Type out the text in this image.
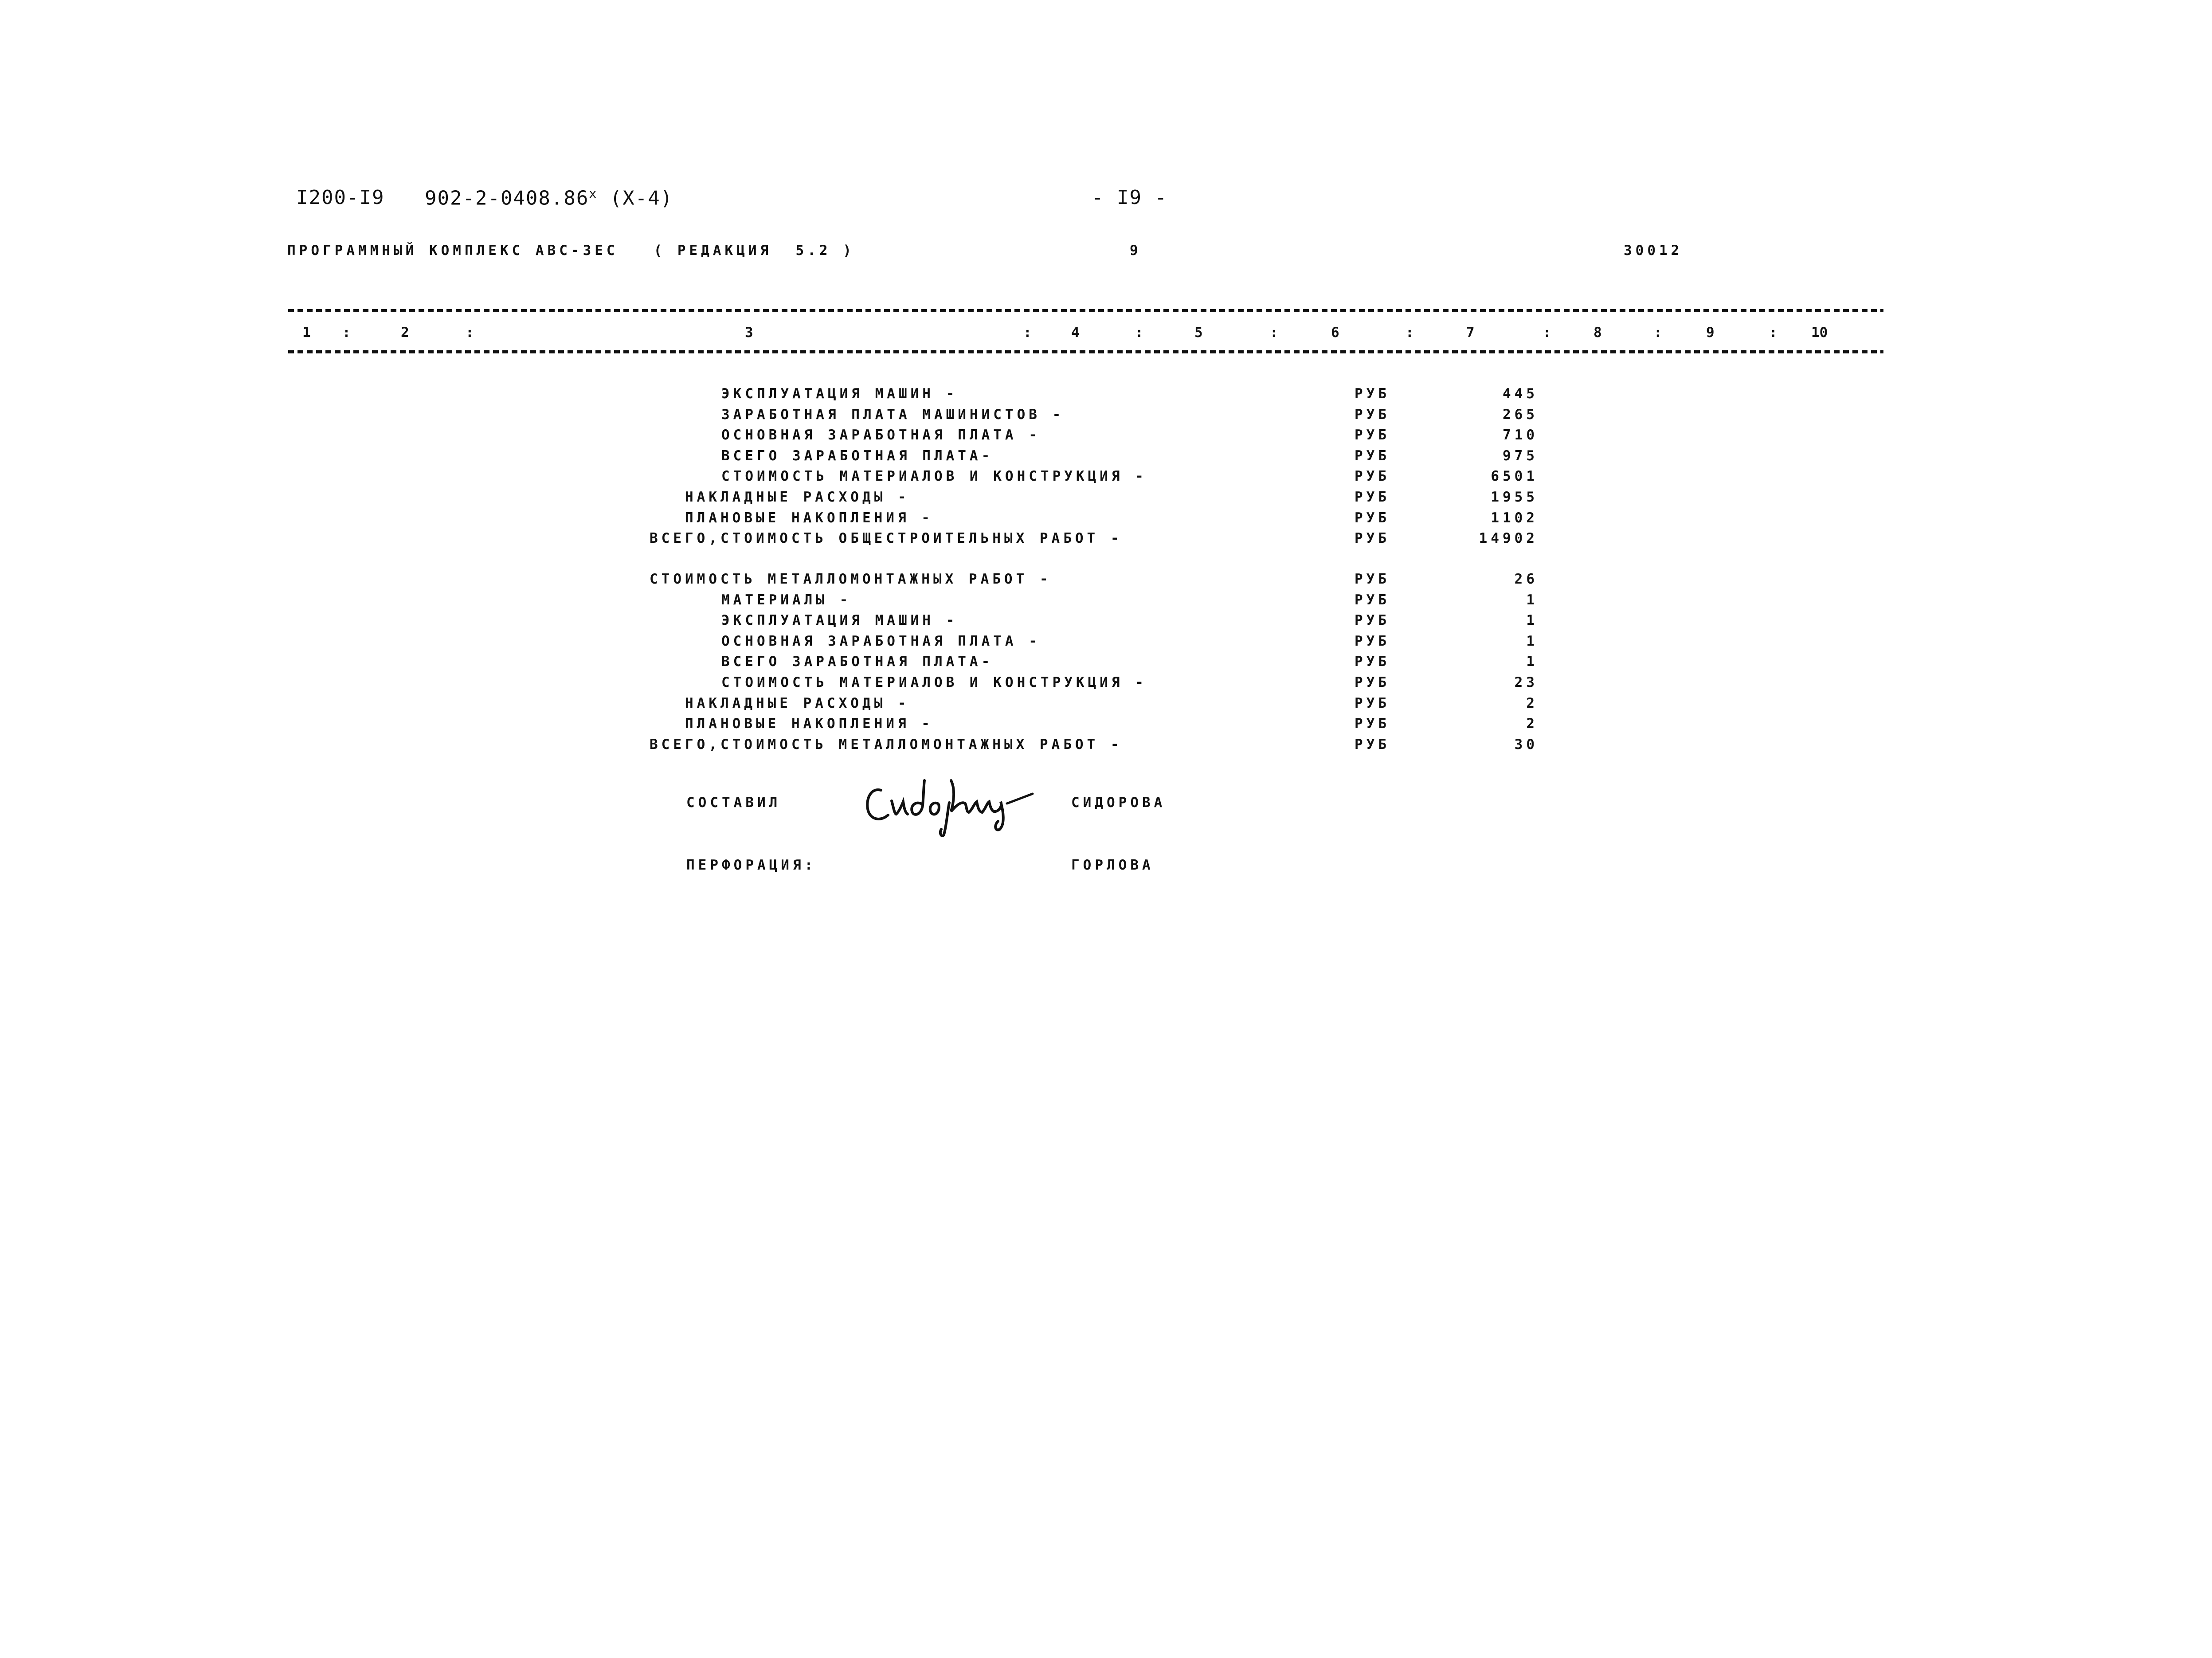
I200-I9 902-2-0408.86$^x$ (X-4)	- I9 -
ПРОГРАММНЫЙ КОМПЛЕКС АВС-ЗЕС   ( РЕДАКЦИЯ  5.2 )	9	30012
1 :	2	:	3	:	4	:	5	:	6	:	7	:	8	:	9	: 10
ЭКСПЛУАТАЦИЯ МАШИН -	РУБ	445
ЗАРАБОТНАЯ ПЛАТА МАШИНИСТОВ -	РУБ	265
ОСНОВНАЯ ЗАРАБОТНАЯ ПЛАТА -	РУБ	710
ВСЕГО ЗАРАБОТНАЯ ПЛАТА-	РУБ	975
СТОИМОСТЬ МАТЕРИАЛОВ И КОНСТРУКЦИЯ -	РУБ	6501
НАКЛАДНЫЕ РАСХОДЫ -	РУБ	1955
ПЛАНОВЫЕ НАКОПЛЕНИЯ -	РУБ	1102
ВСЕГО,СТОИМОСТЬ ОБЩЕСТРОИТЕЛЬНЫХ РАБОТ -	РУБ	14902
СТОИМОСТЬ МЕТАЛЛОМОНТАЖНЫХ РАБОТ -	РУБ	26
МАТЕРИАЛЫ -	РУБ	1
ЭКСПЛУАТАЦИЯ МАШИН -	РУБ	1
ОСНОВНАЯ ЗАРАБОТНАЯ ПЛАТА -	РУБ	1
ВСЕГО ЗАРАБОТНАЯ ПЛАТА-	РУБ	1
СТОИМОСТЬ МАТЕРИАЛОВ И КОНСТРУКЦИЯ -	РУБ	23
НАКЛАДНЫЕ РАСХОДЫ -	РУБ	2
ПЛАНОВЫЕ НАКОПЛЕНИЯ -	РУБ	2
ВСЕГО,СТОИМОСТЬ МЕТАЛЛОМОНТАЖНЫХ РАБОТ -	РУБ	30
СОСТАВИЛ	СИДОРОВА
ПЕРФОРАЦИЯ:	ГОРЛОВА
